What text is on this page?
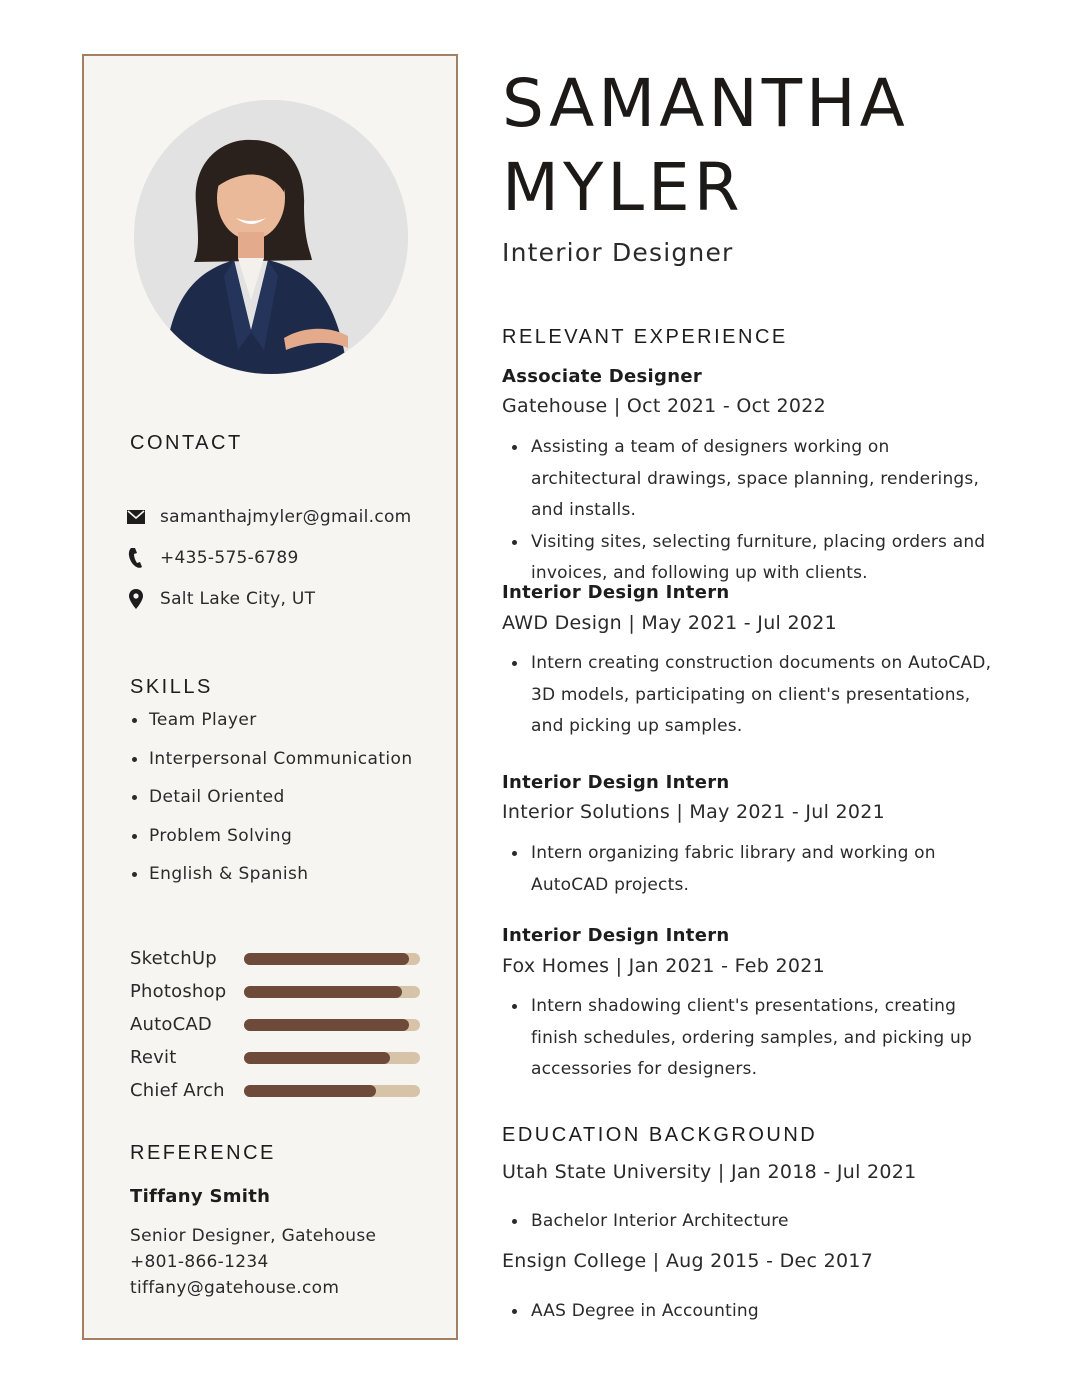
CONTACT
samanthajmyler@gmail.com
+435-575-6789
Salt Lake City, UT
SKILLS
Team Player
Interpersonal Communication
Detail Oriented
Problem Solving
English & Spanish
SketchUp
Photoshop
AutoCAD
Revit
Chief Arch
REFERENCE
Tiffany Smith
Senior Designer, Gatehouse
+801-866-1234
tiffany@gatehouse.com
SAMANTHA
MYLER
Interior Designer
RELEVANT EXPERIENCE
Associate Designer
Gatehouse | Oct 2021 - Oct 2022
Assisting a team of designers working on architectural drawings, space planning, renderings, and installs.
Visiting sites, selecting furniture, placing orders and invoices, and following up with clients.
Interior Design Intern
AWD Design | May 2021 - Jul 2021
Intern creating construction documents on AutoCAD, 3D models, participating on client's presentations, and picking up samples.
Interior Design Intern
Interior Solutions | May 2021 - Jul 2021
Intern organizing fabric library and working on AutoCAD projects.
Interior Design Intern
Fox Homes | Jan 2021 - Feb 2021
Intern shadowing client's presentations, creating finish schedules, ordering samples, and picking up accessories for designers.
EDUCATION BACKGROUND
Utah State University | Jan 2018 - Jul 2021
Bachelor Interior Architecture
Ensign College | Aug 2015 - Dec 2017
AAS Degree in Accounting
